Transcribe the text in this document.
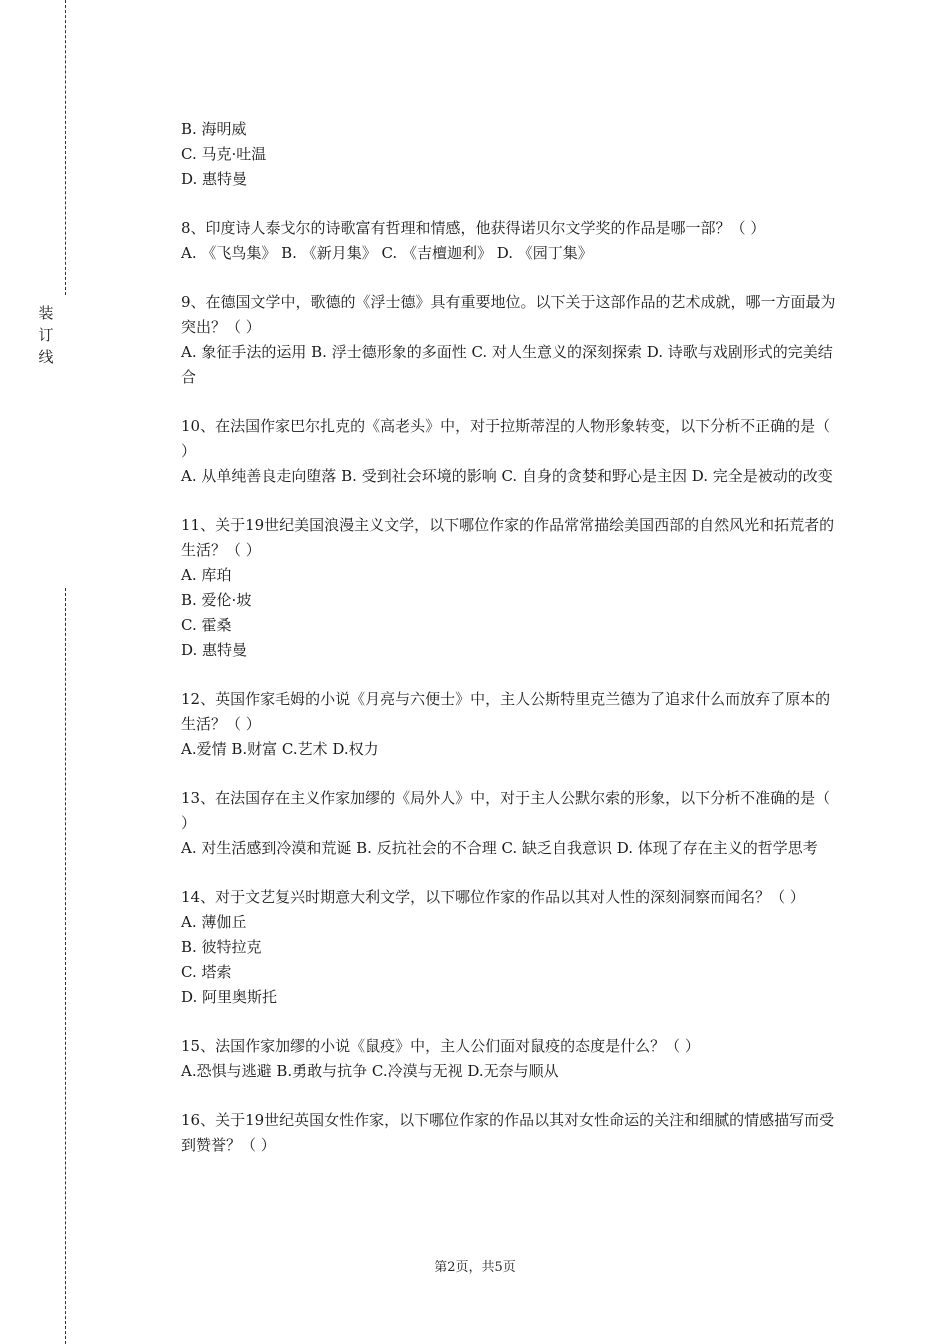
装
订
线
B. 海明威
C. 马克·吐温
D. 惠特曼
8、印度诗人泰戈尔的诗歌富有哲理和情感，他获得诺贝尔文学奖的作品是哪一部？（ ）
A. 《飞鸟集》 B. 《新月集》 C. 《吉檀迦利》 D. 《园丁集》
9、在德国文学中，歌德的《浮士德》具有重要地位。以下关于这部作品的艺术成就，哪一方面最为突出？（ ）
A. 象征手法的运用 B. 浮士德形象的多面性 C. 对人生意义的深刻探索 D. 诗歌与戏剧形式的完美结合
10、在法国作家巴尔扎克的《高老头》中，对于拉斯蒂涅的人物形象转变，以下分析不正确的是（ ）
A. 从单纯善良走向堕落 B. 受到社会环境的影响 C. 自身的贪婪和野心是主因 D. 完全是被动的改变
11、关于19世纪美国浪漫主义文学，以下哪位作家的作品常常描绘美国西部的自然风光和拓荒者的生活？（ ）
A. 库珀
B. 爱伦·坡
C. 霍桑
D. 惠特曼
12、英国作家毛姆的小说《月亮与六便士》中，主人公斯特里克兰德为了追求什么而放弃了原本的生活？（ ）
A.爱情 B.财富 C.艺术 D.权力
13、在法国存在主义作家加缪的《局外人》中，对于主人公默尔索的形象，以下分析不准确的是（ ）
A. 对生活感到冷漠和荒诞 B. 反抗社会的不合理 C. 缺乏自我意识 D. 体现了存在主义的哲学思考
14、对于文艺复兴时期意大利文学，以下哪位作家的作品以其对人性的深刻洞察而闻名？（ ）
A. 薄伽丘
B. 彼特拉克
C. 塔索
D. 阿里奥斯托
15、法国作家加缪的小说《鼠疫》中，主人公们面对鼠疫的态度是什么？（ ）
A.恐惧与逃避 B.勇敢与抗争 C.冷漠与无视 D.无奈与顺从
16、关于19世纪英国女性作家，以下哪位作家的作品以其对女性命运的关注和细腻的情感描写而受到赞誉？（ ）
第2页，共5页
